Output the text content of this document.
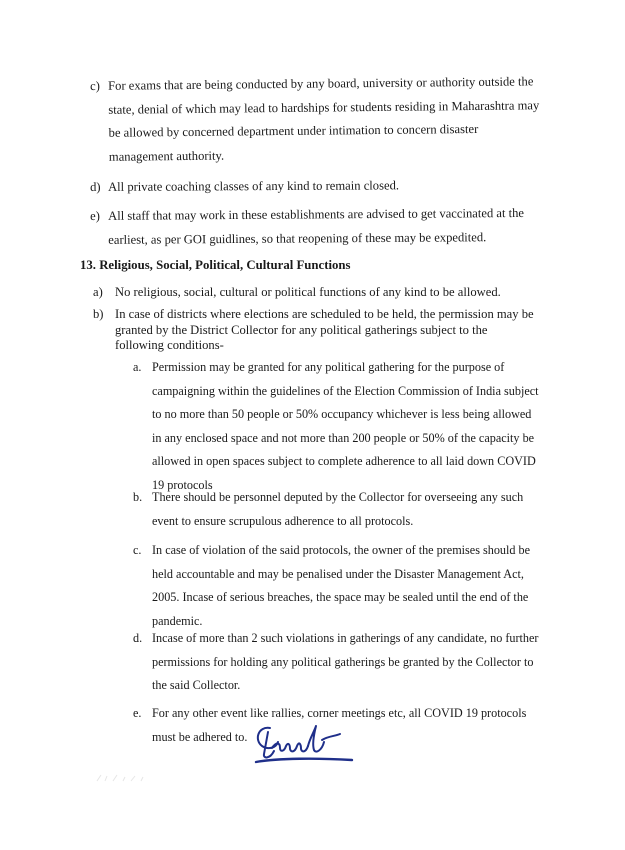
c) For exams that are being conducted by any board, university or authority outside the state, denial of which may lead to hardships for students residing in Maharashtra may be allowed by concerned department under intimation to concern disaster management authority.
d) All private coaching classes of any kind to remain closed.
e) All staff that may work in these establishments are advised to get vaccinated at the earliest, as per GOI guidlines, so that reopening of these may be expedited.
13. Religious, Social, Political, Cultural Functions
a) No religious, social, cultural or political functions of any kind to be allowed.
b) In case of districts where elections are scheduled to be held, the permission may be granted by the District Collector for any political gatherings subject to the following conditions-
a. Permission may be granted for any political gathering for the purpose of campaigning within the guidelines of the Election Commission of India subject to no more than 50 people or 50% occupancy whichever is less being allowed in any enclosed space and not more than 200 people or 50% of the capacity be allowed in open spaces subject to complete adherence to all laid down COVID 19 protocols
b. There should be personnel deputed by the Collector for overseeing any such event to ensure scrupulous adherence to all protocols.
c. In case of violation of the said protocols, the owner of the premises should be held accountable and may be penalised under the Disaster Management Act, 2005. Incase of serious breaches, the space may be sealed until the end of the pandemic.
d. Incase of more than 2 such violations in gatherings of any candidate, no further permissions for holding any political gatherings be granted by the Collector to the said Collector.
e. For any other event like rallies, corner meetings etc, all COVID 19 protocols must be adhered to.
